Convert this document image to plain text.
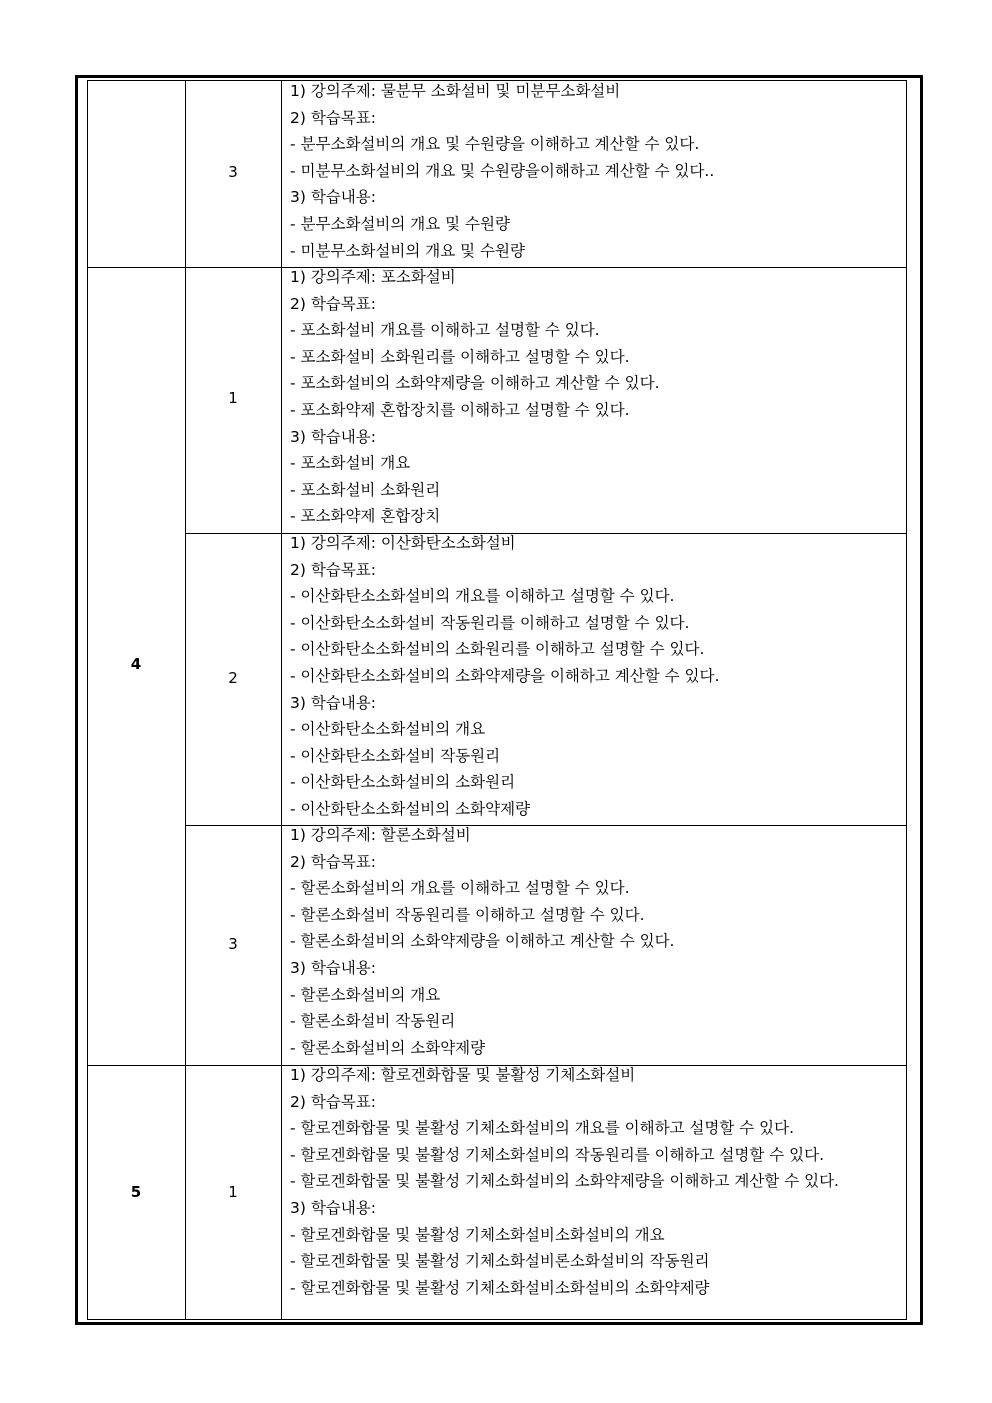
4
5
3
1
2
3
1
1) 강의주제: 물분무 소화설비 및 미분무소화설비
2) 학습목표:
- 분무소화설비의 개요 및 수원량을 이해하고 계산할 수 있다.
- 미분무소화설비의 개요 및 수원량을이해하고 계산할 수 있다..
3) 학습내용:
- 분무소화설비의 개요 및 수원량
- 미분무소화설비의 개요 및 수원량
1) 강의주제: 포소화설비
2) 학습목표:
- 포소화설비 개요를 이해하고 설명할 수 있다.
- 포소화설비 소화원리를 이해하고 설명할 수 있다.
- 포소화설비의 소화약제량을 이해하고 계산할 수 있다.
- 포소화약제 혼합장치를 이해하고 설명할 수 있다.
3) 학습내용:
- 포소화설비 개요
- 포소화설비 소화원리
- 포소화약제 혼합장치
1) 강의주제: 이산화탄소소화설비
2) 학습목표:
- 이산화탄소소화설비의 개요를 이해하고 설명할 수 있다.
- 이산화탄소소화설비 작동원리를 이해하고 설명할 수 있다.
- 이산화탄소소화설비의 소화원리를 이해하고 설명할 수 있다.
- 이산화탄소소화설비의 소화약제량을 이해하고 계산할 수 있다.
3) 학습내용:
- 이산화탄소소화설비의 개요
- 이산화탄소소화설비 작동원리
- 이산화탄소소화설비의 소화원리
- 이산화탄소소화설비의 소화약제량
1) 강의주제: 할론소화설비
2) 학습목표:
- 할론소화설비의 개요를 이해하고 설명할 수 있다.
- 할론소화설비 작동원리를 이해하고 설명할 수 있다.
- 할론소화설비의 소화약제량을 이해하고 계산할 수 있다.
3) 학습내용:
- 할론소화설비의 개요
- 할론소화설비 작동원리
- 할론소화설비의 소화약제량
1) 강의주제: 할로겐화합물 및 불활성 기체소화설비
2) 학습목표:
- 할로겐화합물 및 불활성 기체소화설비의 개요를 이해하고 설명할 수 있다.
- 할로겐화합물 및 불활성 기체소화설비의 작동원리를 이해하고 설명할 수 있다.
- 할로겐화합물 및 불활성 기체소화설비의 소화약제량을 이해하고 계산할 수 있다.
3) 학습내용:
- 할로겐화합물 및 불활성 기체소화설비소화설비의 개요
- 할로겐화합물 및 불활성 기체소화설비론소화설비의 작동원리
- 할로겐화합물 및 불활성 기체소화설비소화설비의 소화약제량
